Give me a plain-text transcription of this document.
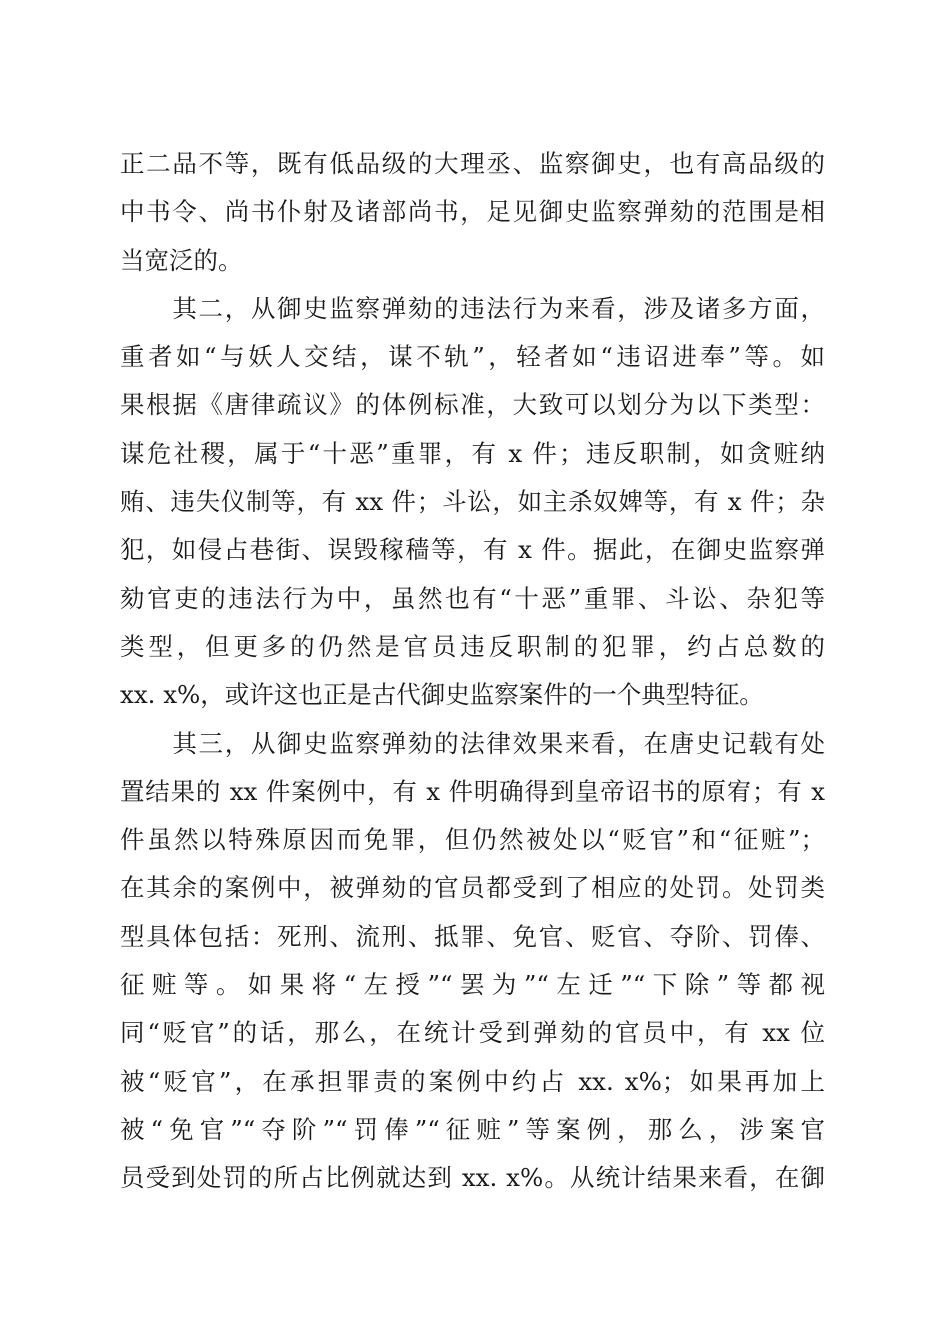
正二品不等，既有低品级的大理丞、监察御史，也有高品级的
中书令、尚书仆射及诸部尚书，足见御史监察弹劾的范围是相
当宽泛的。
　　其二，从御史监察弹劾的违法行为来看，涉及诸多方面，
重者如“与妖人交结，谋不轨”，轻者如“违诏进奉”等。如
果根据《唐律疏议》的体例标准，大致可以划分为以下类型：
谋危社稷，属于“十恶”重罪，有 x 件；违反职制，如贪赃纳
贿、违失仪制等，有 xx 件；斗讼，如主杀奴婢等，有 x 件；杂
犯，如侵占巷街、误毁稼穑等，有 x 件。据此，在御史监察弹
劾官吏的违法行为中，虽然也有“十恶”重罪、斗讼、杂犯等
类型，但更多的仍然是官员违反职制的犯罪，约占总数的
xx. x%，或许这也正是古代御史监察案件的一个典型特征。
　　其三，从御史监察弹劾的法律效果来看，在唐史记载有处
置结果的 xx 件案例中，有 x 件明确得到皇帝诏书的原宥；有 x
件虽然以特殊原因而免罪，但仍然被处以“贬官”和“征赃”；
在其余的案例中，被弹劾的官员都受到了相应的处罚。处罚类
型具体包括：死刑、流刑、抵罪、免官、贬官、夺阶、罚俸、
征赃等。如果将“左授”“罢为”“左迁”“下除”等都视
同“贬官”的话，那么，在统计受到弹劾的官员中，有 xx 位
被“贬官”，在承担罪责的案例中约占 xx. x%；如果再加上
被“免官”“夺阶”“罚俸”“征赃”等案例，那么，涉案官
员受到处罚的所占比例就达到 xx. x%。从统计结果来看，在御
